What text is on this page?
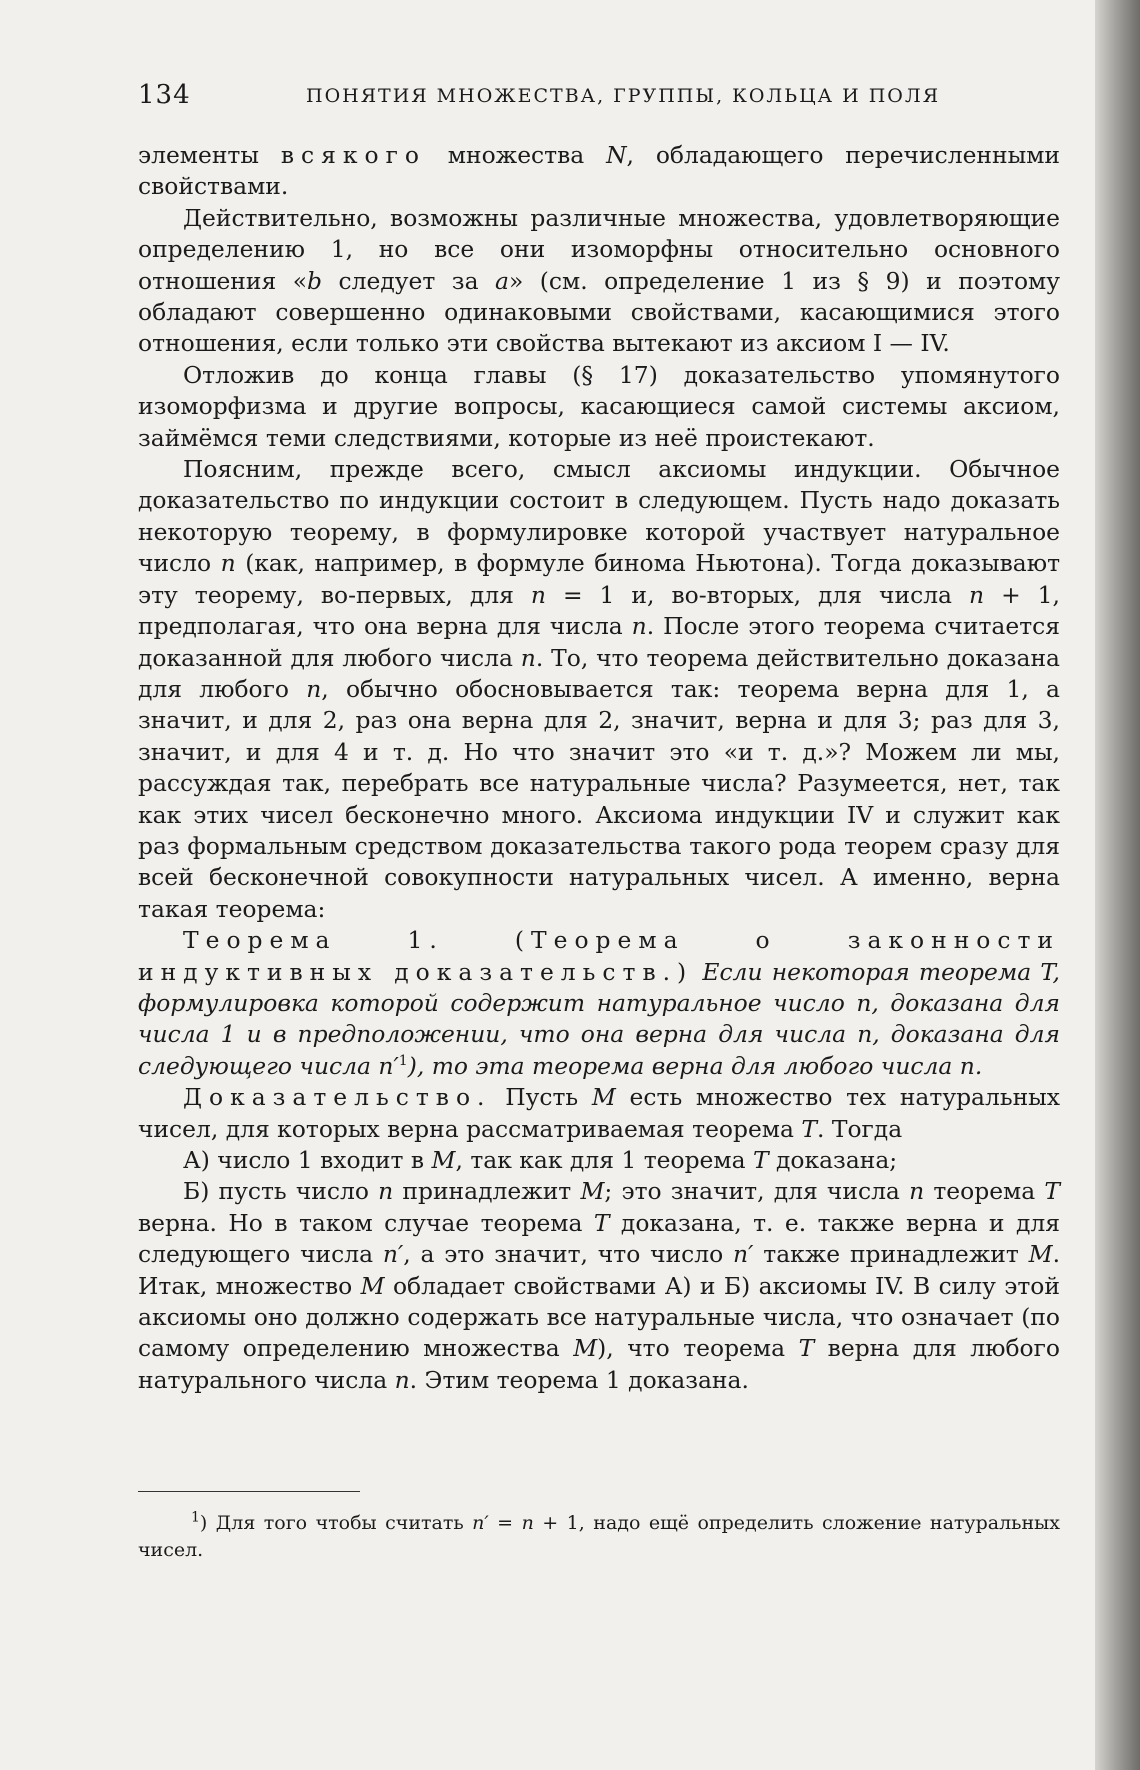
134	ПОНЯТИЯ МНОЖЕСТВА, ГРУППЫ, КОЛЬЦА И ПОЛЯ

элементы всякого множества N, обладающего перечисленными свойствами.

Действительно, возможны различные множества, удовлетворяющие определению 1, но все они изоморфны относительно основного отношения «b следует за a» (см. определение 1 из § 9) и поэтому обладают совершенно одинаковыми свойствами, касающимися этого отношения, если только эти свойства вытекают из аксиом I — IV.

Отложив до конца главы (§ 17) доказательство упомянутого изоморфизма и другие вопросы, касающиеся самой системы аксиом, займёмся теми следствиями, которые из неё проистекают.

Поясним, прежде всего, смысл аксиомы индукции. Обычное доказательство по индукции состоит в следующем. Пусть надо доказать некоторую теорему, в формулировке которой участвует натуральное число n (как, например, в формуле бинома Ньютона). Тогда доказывают эту теорему, во-первых, для n = 1 и, во-вторых, для числа n + 1, предполагая, что она верна для числа n. После этого теорема считается доказанной для любого числа n. То, что теорема действительно доказана для любого n, обычно обосновывается так: теорема верна для 1, а значит, и для 2, раз она верна для 2, значит, верна и для 3; раз для 3, значит, и для 4 и т. д. Но что значит это «и т. д.»? Можем ли мы, рассуждая так, перебрать все натуральные числа? Разумеется, нет, так как этих чисел бесконечно много. Аксиома индукции IV и служит как раз формальным средством доказательства такого рода теорем сразу для всей бесконечной совокупности натуральных чисел. А именно, верна такая теорема:

Теорема 1. (Теорема о законности индуктивных доказательств.) Если некоторая теорема T, формулировка которой содержит натуральное число n, доказана для числа 1 и в предположении, что она верна для числа n, доказана для следующего числа $n'^1$), то эта теорема верна для любого числа n.

Доказательство. Пусть M есть множество тех натуральных чисел, для которых верна рассматриваемая теорема T. Тогда

А) число 1 входит в M, так как для 1 теорема T доказана;

Б) пусть число n принадлежит M; это значит, для числа n теорема T верна. Но в таком случае теорема T доказана, т. е. также верна и для следующего числа n′, а это значит, что число n′ также принадлежит M. Итак, множество M обладает свойствами А) и Б) аксиомы IV. В силу этой аксиомы оно должно содержать все натуральные числа, что означает (по самому определению множества M), что теорема T верна для любого натурального числа n. Этим теорема 1 доказана.

$^1$) Для того чтобы считать n′ = n + 1, надо ещё определить сложение натуральных чисел.
